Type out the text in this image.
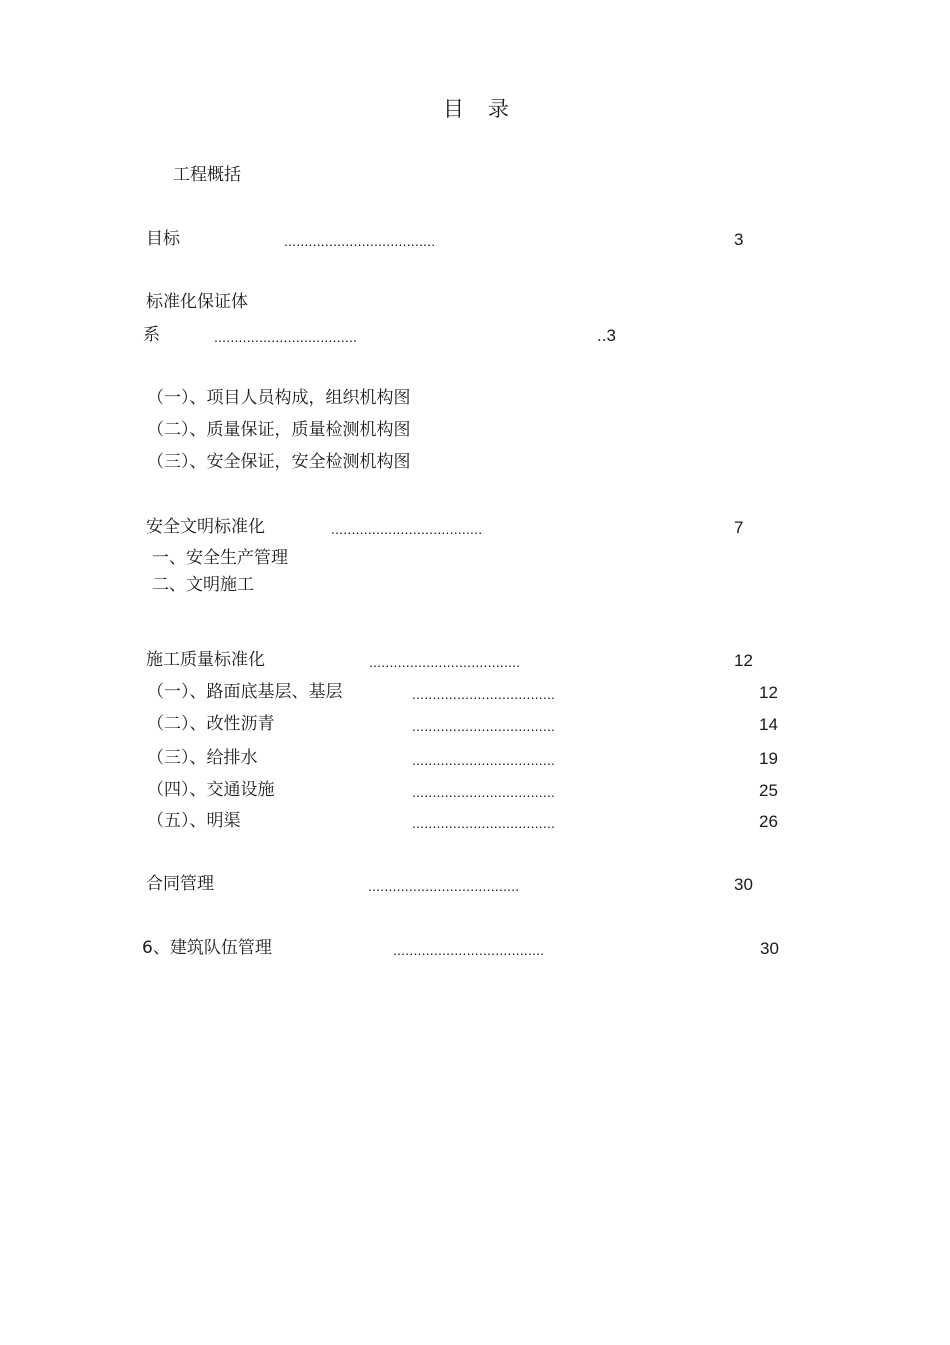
目 录
工程概括
目标	.....................................	3
标准化保证体
系	...................................	..3
（一）、项目人员构成，组织机构图
（二）、质量保证，质量检测机构图
（三）、安全保证，安全检测机构图
安全文明标准化	.....................................	7
一、安全生产管理
二、文明施工
施工质量标准化	.....................................	12
（一）、路面底基层、基层	...................................	12
（二）、改性沥青	...................................	14
（三）、给排水	...................................	19
（四）、交通设施	...................................	25
（五）、明渠	...................................	26
合同管理	.....................................	30
6、建筑队伍管理	.....................................	30
